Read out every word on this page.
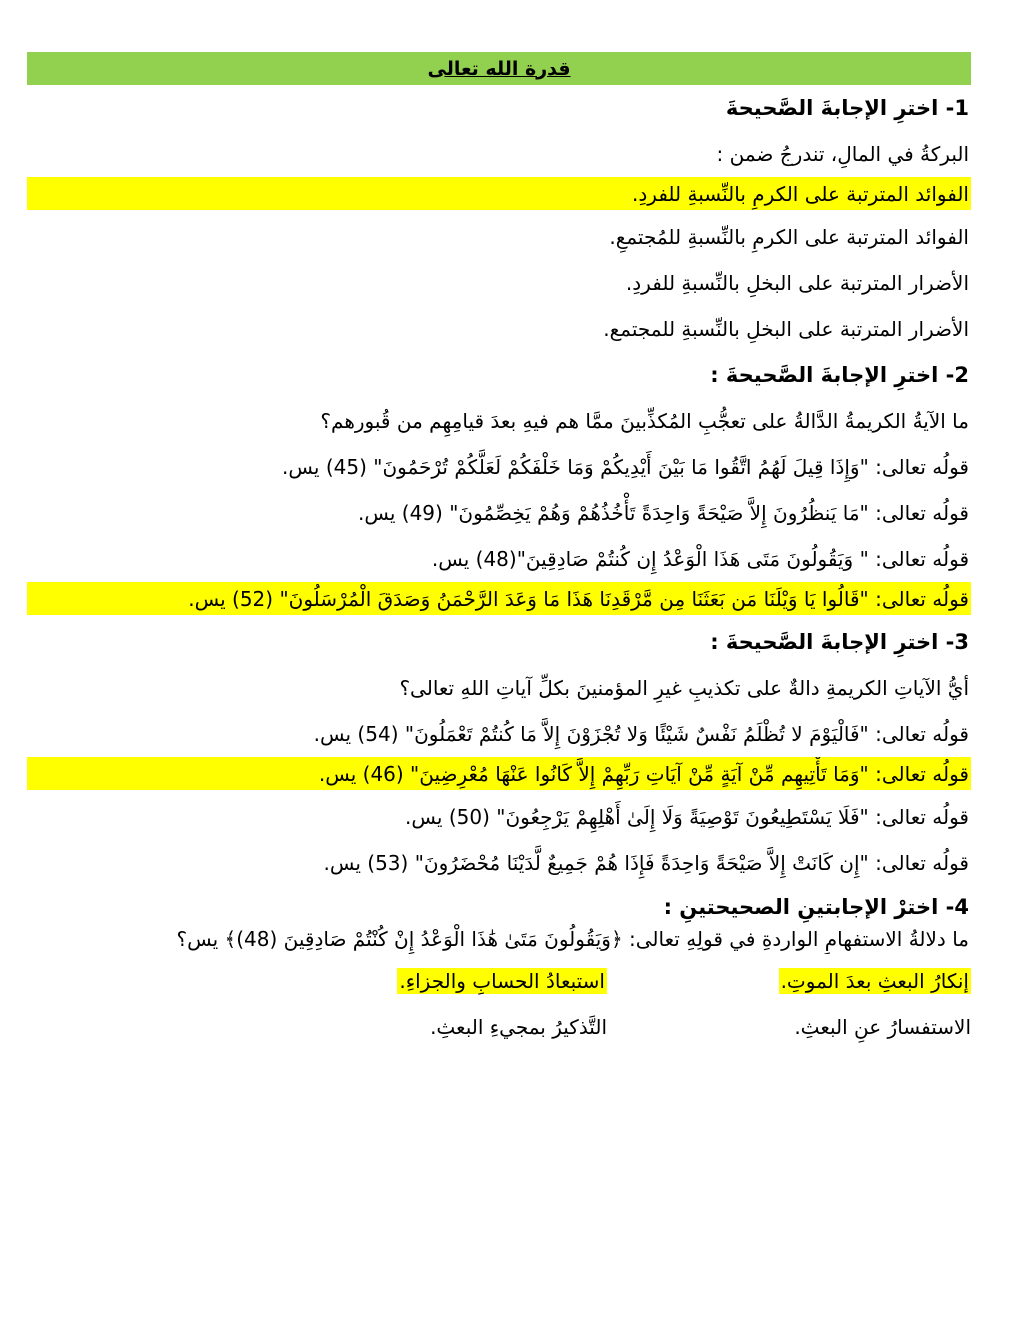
قدرة الله تعالى
1- اخترِ الإجابةَ الصَّحيحةَ
البركةُ في المالِ، تندرجُ ضمن :
الفوائد المترتبة على الكرمِ بالنِّسبةِ للفردِ.
الفوائد المترتبة على الكرمِ بالنِّسبةِ للمُجتمعِ.
الأضرار المترتبة على البخلِ بالنِّسبةِ للفردِ.
الأضرار المترتبة على البخلِ بالنِّسبةِ للمجتمع.
2- اخترِ الإجابةَ الصَّحيحةَ :
ما الآيةُ الكريمةُ الدَّالةُ على تعجُّبِ المُكذِّبينَ ممَّا هم فيهِ بعدَ قيامِهِم من قُبورهم؟
قولُه تعالى: "وَإِذَا قِيلَ لَهُمُ اتَّقُوا مَا بَيْنَ أَيْدِيكُمْ وَمَا خَلْفَكُمْ لَعَلَّكُمْ تُرْحَمُونَ" (45) يس.
قولُه تعالى: "مَا يَنظُرُونَ إِلاَّ صَيْحَةً وَاحِدَةً تَأْخُذُهُمْ وَهُمْ يَخِصِّمُونَ" (49) يس.
قولُه تعالى: " وَيَقُولُونَ مَتَى هَذَا الْوَعْدُ إِن كُنتُمْ صَادِقِينَ"(48) يس.
قولُه تعالى: "قَالُوا يَا وَيْلَنَا مَن بَعَثَنَا مِن مَّرْقَدِنَا هَذَا مَا وَعَدَ الرَّحْمَنُ وَصَدَقَ الْمُرْسَلُونَ" (52) يس.
3- اخترِ الإجابةَ الصَّحيحةَ :
أيُّ الآياتِ الكريمةِ دالةٌ على تكذيبِ غيرِ المؤمنينَ بكلِّ آياتِ اللهِ تعالى؟
قولُه تعالى: "فَالْيَوْمَ لا تُظْلَمُ نَفْسٌ شَيْئًا وَلا تُجْزَوْنَ إِلاَّ مَا كُنتُمْ تَعْمَلُونَ" (54) يس.
قولُه تعالى: "وَمَا تَأْتِيهِم مِّنْ آيَةٍ مِّنْ آيَاتِ رَبِّهِمْ إِلاَّ كَانُوا عَنْهَا مُعْرِضِينَ" (46) يس.
قولُه تعالى: "فَلَا يَسْتَطِيعُونَ تَوْصِيَةً وَلَا إِلَىٰ أَهْلِهِمْ يَرْجِعُونَ" (50) يس.
قولُه تعالى: "إِن كَانَتْ إِلاَّ صَيْحَةً وَاحِدَةً فَإِذَا هُمْ جَمِيعٌ لَّدَيْنَا مُحْضَرُونَ" (53) يس.
4- اخترْ الإجابتينِ الصحيحتينِ :
ما دلالةُ الاستفهامِ الواردةِ في قولِهِ تعالى: ﴿وَيَقُولُونَ مَتَىٰ هَٰذَا الْوَعْدُ إِنْ كُنْتُمْ صَادِقِينَ (48)﴾ يس؟
إنكارُ البعثِ بعدَ الموتِ.
استبعادُ الحسابِ والجزاءِ.
الاستفسارُ عنِ البعثِ.
التَّذكيرُ بمجيءِ البعثِ.
